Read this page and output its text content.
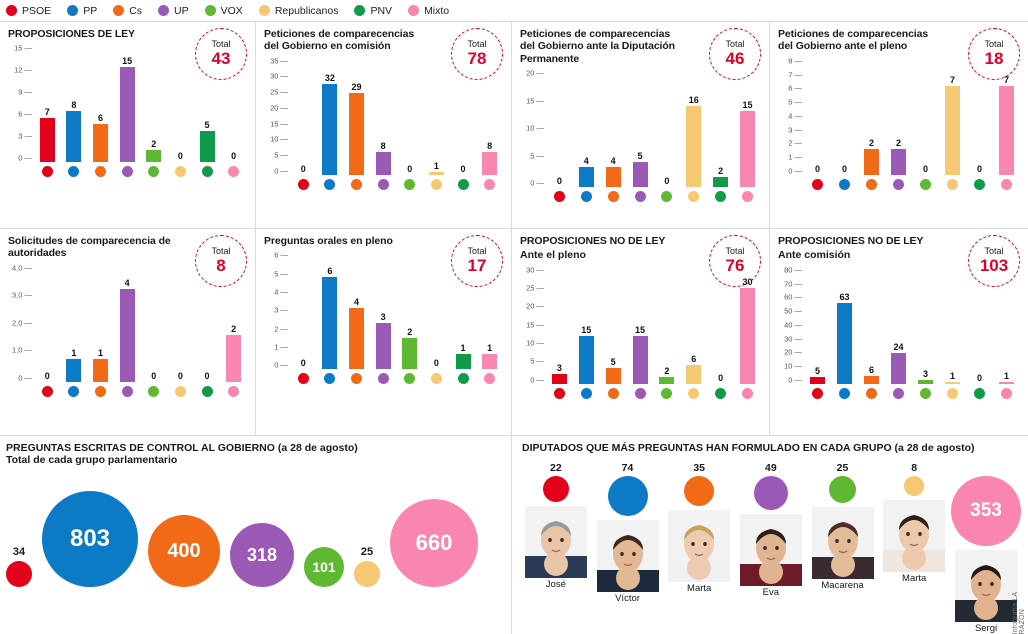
PSOE	PP	Cs	UP	VOX	Republicanos	PNV	Mixto
PROPOSICIONES DE LEY
Total
43
15 —
12 —
9 —
6 —
3 —
0 —
7
8
6
15
2
0
5
0
Peticiones de comparecencias del Gobierno en comisión	Total
78
35 —
30 —
25 —
20 —
15 —
10 —
5 —
0 — 0
32
29
8
0 1 0
8
Peticiones de comparecencias del Gobierno ante la Diputación Permanente
Total
46
20 —
15 —
10 —
5 —
0 — 0
4 4
5
0
16
2
15
Peticiones de comparecencias del Gobierno ante el pleno	Total
18
8 —
7 —
6 —
5 —
4 —
3 —
2 —
1 —
0 — 0 0
2 2
0
7
0
7
Solicitudes de comparecencia de autoridades	Total
8
4,0 —
3,0 —
2,0 —
1,0 —
0 — 0
1 1
4
0 0 0
2
Preguntas orales en pleno
Total
17
6 —
5 —
4 —
3 —
2 —
1 —
0 — 0
6
4
3
2
0
1 1
PROPOSICIONES NO DE LEY
Ante el pleno	Total
76
30 —
25 —
20 —
15 —
10 —
5 —
0 —
3
15
5
15
2
6
0
30
PROPOSICIONES NO DE LEY
Ante comisión	Total
103
80 —
70 —
60 —
50 —
40 —
30 —
20 —
10 —
0 —
5
63
6
24
3 1 0 1
PREGUNTAS ESCRITAS DE CONTROL AL GOBIERNO (a 28 de agosto)
Total de cada grupo parlamentario
34	803	400	318
101
25	660
DIPUTADOS QUE MÁS PREGUNTAS HAN FORMULADO EN CADA GRUPO (a 28 de agosto)
22
José
74
Víctor
35
Marta
49
Eva
25
Macarena
8
Marta
353
Sergi Infografía LA RAZÓN
